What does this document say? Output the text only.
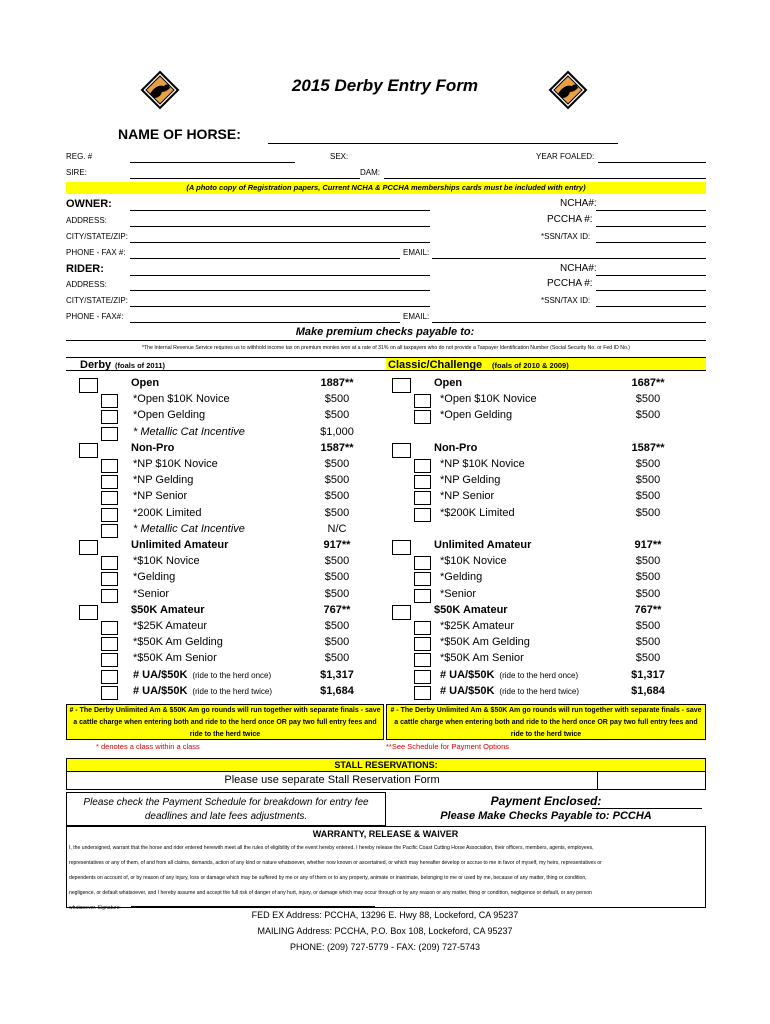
2015 Derby Entry Form
NAME OF HORSE:
REG. #	SEX:	YEAR FOALED:
SIRE:	DAM:
(A photo copy of Registration papers, Current NCHA & PCCHA memberships cards must be included with entry)
OWNER:	NCHA#:
ADDRESS:	PCCHA #:
CITY/STATE/ZIP:	*SSN/TAX ID:
PHONE - FAX #:	EMAIL:
RIDER:	NCHA#:
ADDRESS:	PCCHA #:
CITY/STATE/ZIP:	*SSN/TAX ID:
PHONE - FAX#:	EMAIL:
Make premium checks payable to:
*The Internal Revenue Service requires us to withhold income tax on premium monies won at a rate of 31% on all taxpayers who do not provide a Taxpayer Identification Number (Social Security No. or Fed ID No.)
Derby (foals of 2011)	Classic/Challenge (foals of 2010 & 2009)
Open	1887**
*Open $10K Novice	$500
*Open Gelding	$500
* Metallic Cat Incentive	$1,000
Non-Pro	1587**
*NP $10K Novice	$500
*NP Gelding	$500
*NP Senior	$500
*200K Limited	$500
* Metallic Cat Incentive	N/C
Unlimited Amateur	917**
*$10K Novice	$500
*Gelding	$500
*Senior	$500
$50K Amateur	767**
*$25K Amateur	$500
*$50K Am Gelding	$500
*$50K Am Senior	$500
# UA/$50K (ride to the herd once)	$1,317
# UA/$50K (ride to the herd twice)	$1,684
Open	1687**
*Open $10K Novice	$500
*Open Gelding	$500
Non-Pro	1587**
*NP $10K Novice	$500
*NP Gelding	$500
*NP Senior	$500
*$200K Limited	$500
Unlimited Amateur	917**
*$10K Novice	$500
*Gelding	$500
*Senior	$500
$50K Amateur	767**
*$25K Amateur	$500
*$50K Am Gelding	$500
*$50K Am Senior	$500
# UA/$50K (ride to the herd once)	$1,317
# UA/$50K (ride to the herd twice)	$1,684
# - The Derby Unlimited Am & $50K Am go rounds will run together with separate finals - save a cattle charge when entering both and ride to the herd once OR pay two full entry fees and ride to the herd twice
# - The Derby Unlimited Am & $50K Am go rounds will run together with separate finals - save a cattle charge when entering both and ride to the herd once OR pay two full entry fees and ride to the herd twice
* denotes a class within a class	**See Schedule for Payment Options
STALL RESERVATIONS:
Please use separate Stall Reservation Form
Please check the Payment Schedule for breakdown for entry fee deadlines and late fees adjustments.
Payment Enclosed:
Please Make Checks Payable to: PCCHA
WARRANTY, RELEASE & WAIVER
I, the undersigned, warrant that the horse and rider entered herewith meet all the rules of eligibility of the event hereby entered. I hereby release the Pacific Coast Cutting Horse Association, their officers, members, agents, employees,
representatives or any of them, of and from all claims, demands, action of any kind or nature whatsoever, whether now known or ascertained, or which may hereafter develop or accrue to me in favor of myself, my heirs, representatives or
dependents on account of, or by reason of any injury, loss or damage which may be suffered by me or any of them or to any property, animate or inanimate, belonging to me or used by me, because of any matter, thing or condition,
negligence, or default whatsoever, and I hereby assume and accept the full risk of danger of any hurt, injury, or damage which may occur through or by any reason or any matter, thing or condition, negligence or default, or any person
whatsoever. Signature:
FED EX Address: PCCHA, 13296 E. Hwy 88, Lockeford, CA 95237
MAILING Address: PCCHA, P.O. Box 108, Lockeford, CA 95237
PHONE: (209) 727-5779 - FAX: (209) 727-5743
